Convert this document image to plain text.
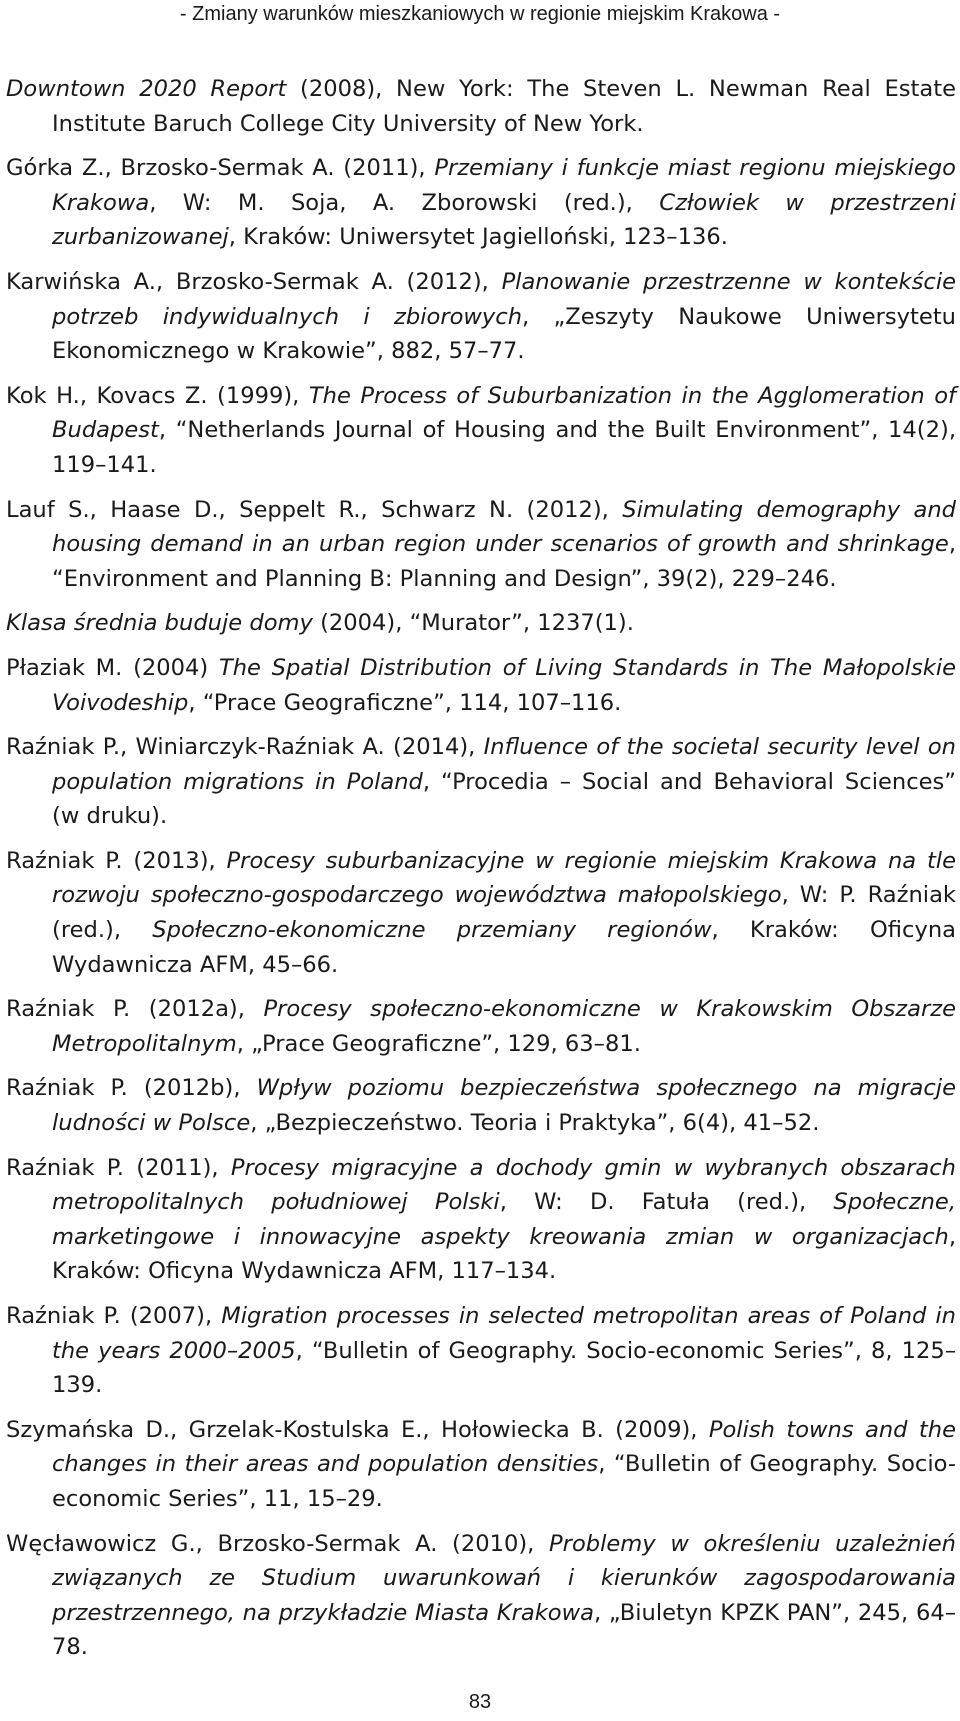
- Zmiany warunków mieszkaniowych w regionie miejskim Krakowa -

Downtown 2020 Report (2008), New York: The Steven L. Newman Real Estate Institute Baruch College City University of New York.

Górka Z., Brzosko-Sermak A. (2011), Przemiany i funkcje miast regionu miejskiego Krakowa, W: M. Soja, A. Zborowski (red.), Człowiek w przestrzeni zurbanizowanej, Kraków: Uniwersytet Jagielloński, 123–136.

Karwińska A., Brzosko-Sermak A. (2012), Planowanie przestrzenne w kontekście potrzeb indywidualnych i zbiorowych, „Zeszyty Naukowe Uniwersytetu Ekonomicznego w Krakowie”, 882, 57–77.

Kok H., Kovacs Z. (1999), The Process of Suburbanization in the Agglomeration of Budapest, “Netherlands Journal of Housing and the Built Environment”, 14(2), 119–141.

Lauf S., Haase D., Seppelt R., Schwarz N. (2012), Simulating demography and housing demand in an urban region under scenarios of growth and shrinkage, “Environment and Planning B: Planning and Design”, 39(2), 229–246.

Klasa średnia buduje domy (2004), “Murator”, 1237(1).

Płaziak M. (2004) The Spatial Distribution of Living Standards in The Małopolskie Voivodeship, “Prace Geograficzne”, 114, 107–116.

Raźniak P., Winiarczyk-Raźniak A. (2014), Influence of the societal security level on population migrations in Poland, “Procedia – Social and Behavioral Sciences” (w druku).

Raźniak P. (2013), Procesy suburbanizacyjne w regionie miejskim Krakowa na tle rozwoju społeczno-gospodarczego województwa małopolskiego, W: P. Raźniak (red.), Społeczno-ekonomiczne przemiany regionów, Kraków: Oficyna Wydawnicza AFM, 45–66.

Raźniak P. (2012a), Procesy społeczno-ekonomiczne w Krakowskim Obszarze Metropolitalnym, „Prace Geograficzne”, 129, 63–81.

Raźniak P. (2012b), Wpływ poziomu bezpieczeństwa społecznego na migracje ludności w Polsce, „Bezpieczeństwo. Teoria i Praktyka”, 6(4), 41–52.

Raźniak P. (2011), Procesy migracyjne a dochody gmin w wybranych obszarach metropolitalnych południowej Polski, W: D. Fatuła (red.), Społeczne, marketingowe i innowacyjne aspekty kreowania zmian w organizacjach, Kraków: Oficyna Wydawnicza AFM, 117–134.

Raźniak P. (2007), Migration processes in selected metropolitan areas of Poland in the years 2000–2005, “Bulletin of Geography. Socio-economic Series”, 8, 125–139.

Szymańska D., Grzelak-Kostulska E., Hołowiecka B. (2009), Polish towns and the changes in their areas and population densities, “Bulletin of Geography. Socio-economic Series”, 11, 15–29.

Węcławowicz G., Brzosko-Sermak A. (2010), Problemy w określeniu uzależnień związanych ze Studium uwarunkowań i kierunków zagospodarowania przestrzennego, na przykładzie Miasta Krakowa, „Biuletyn KPZK PAN”, 245, 64–78.

83
